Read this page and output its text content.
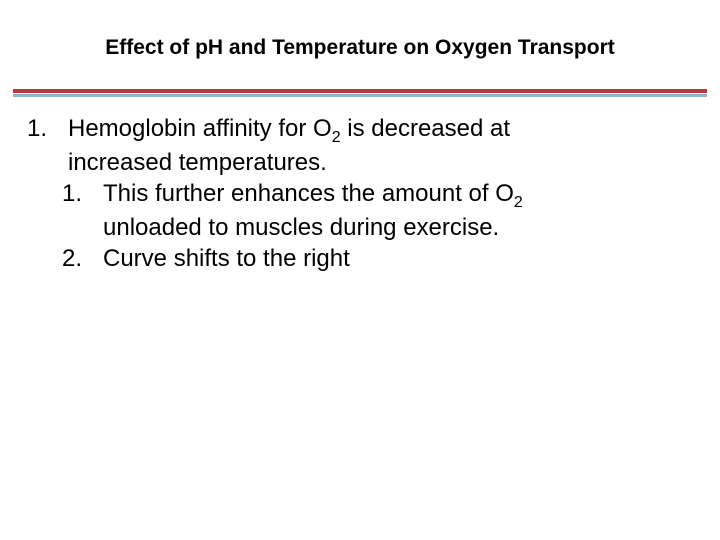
Effect of pH and Temperature on Oxygen Transport
1. Hemoglobin affinity for $O_2$ is decreased at
increased temperatures.
1. This further enhances the amount of $O_2$
unloaded to muscles during exercise.
2. Curve shifts to the right
